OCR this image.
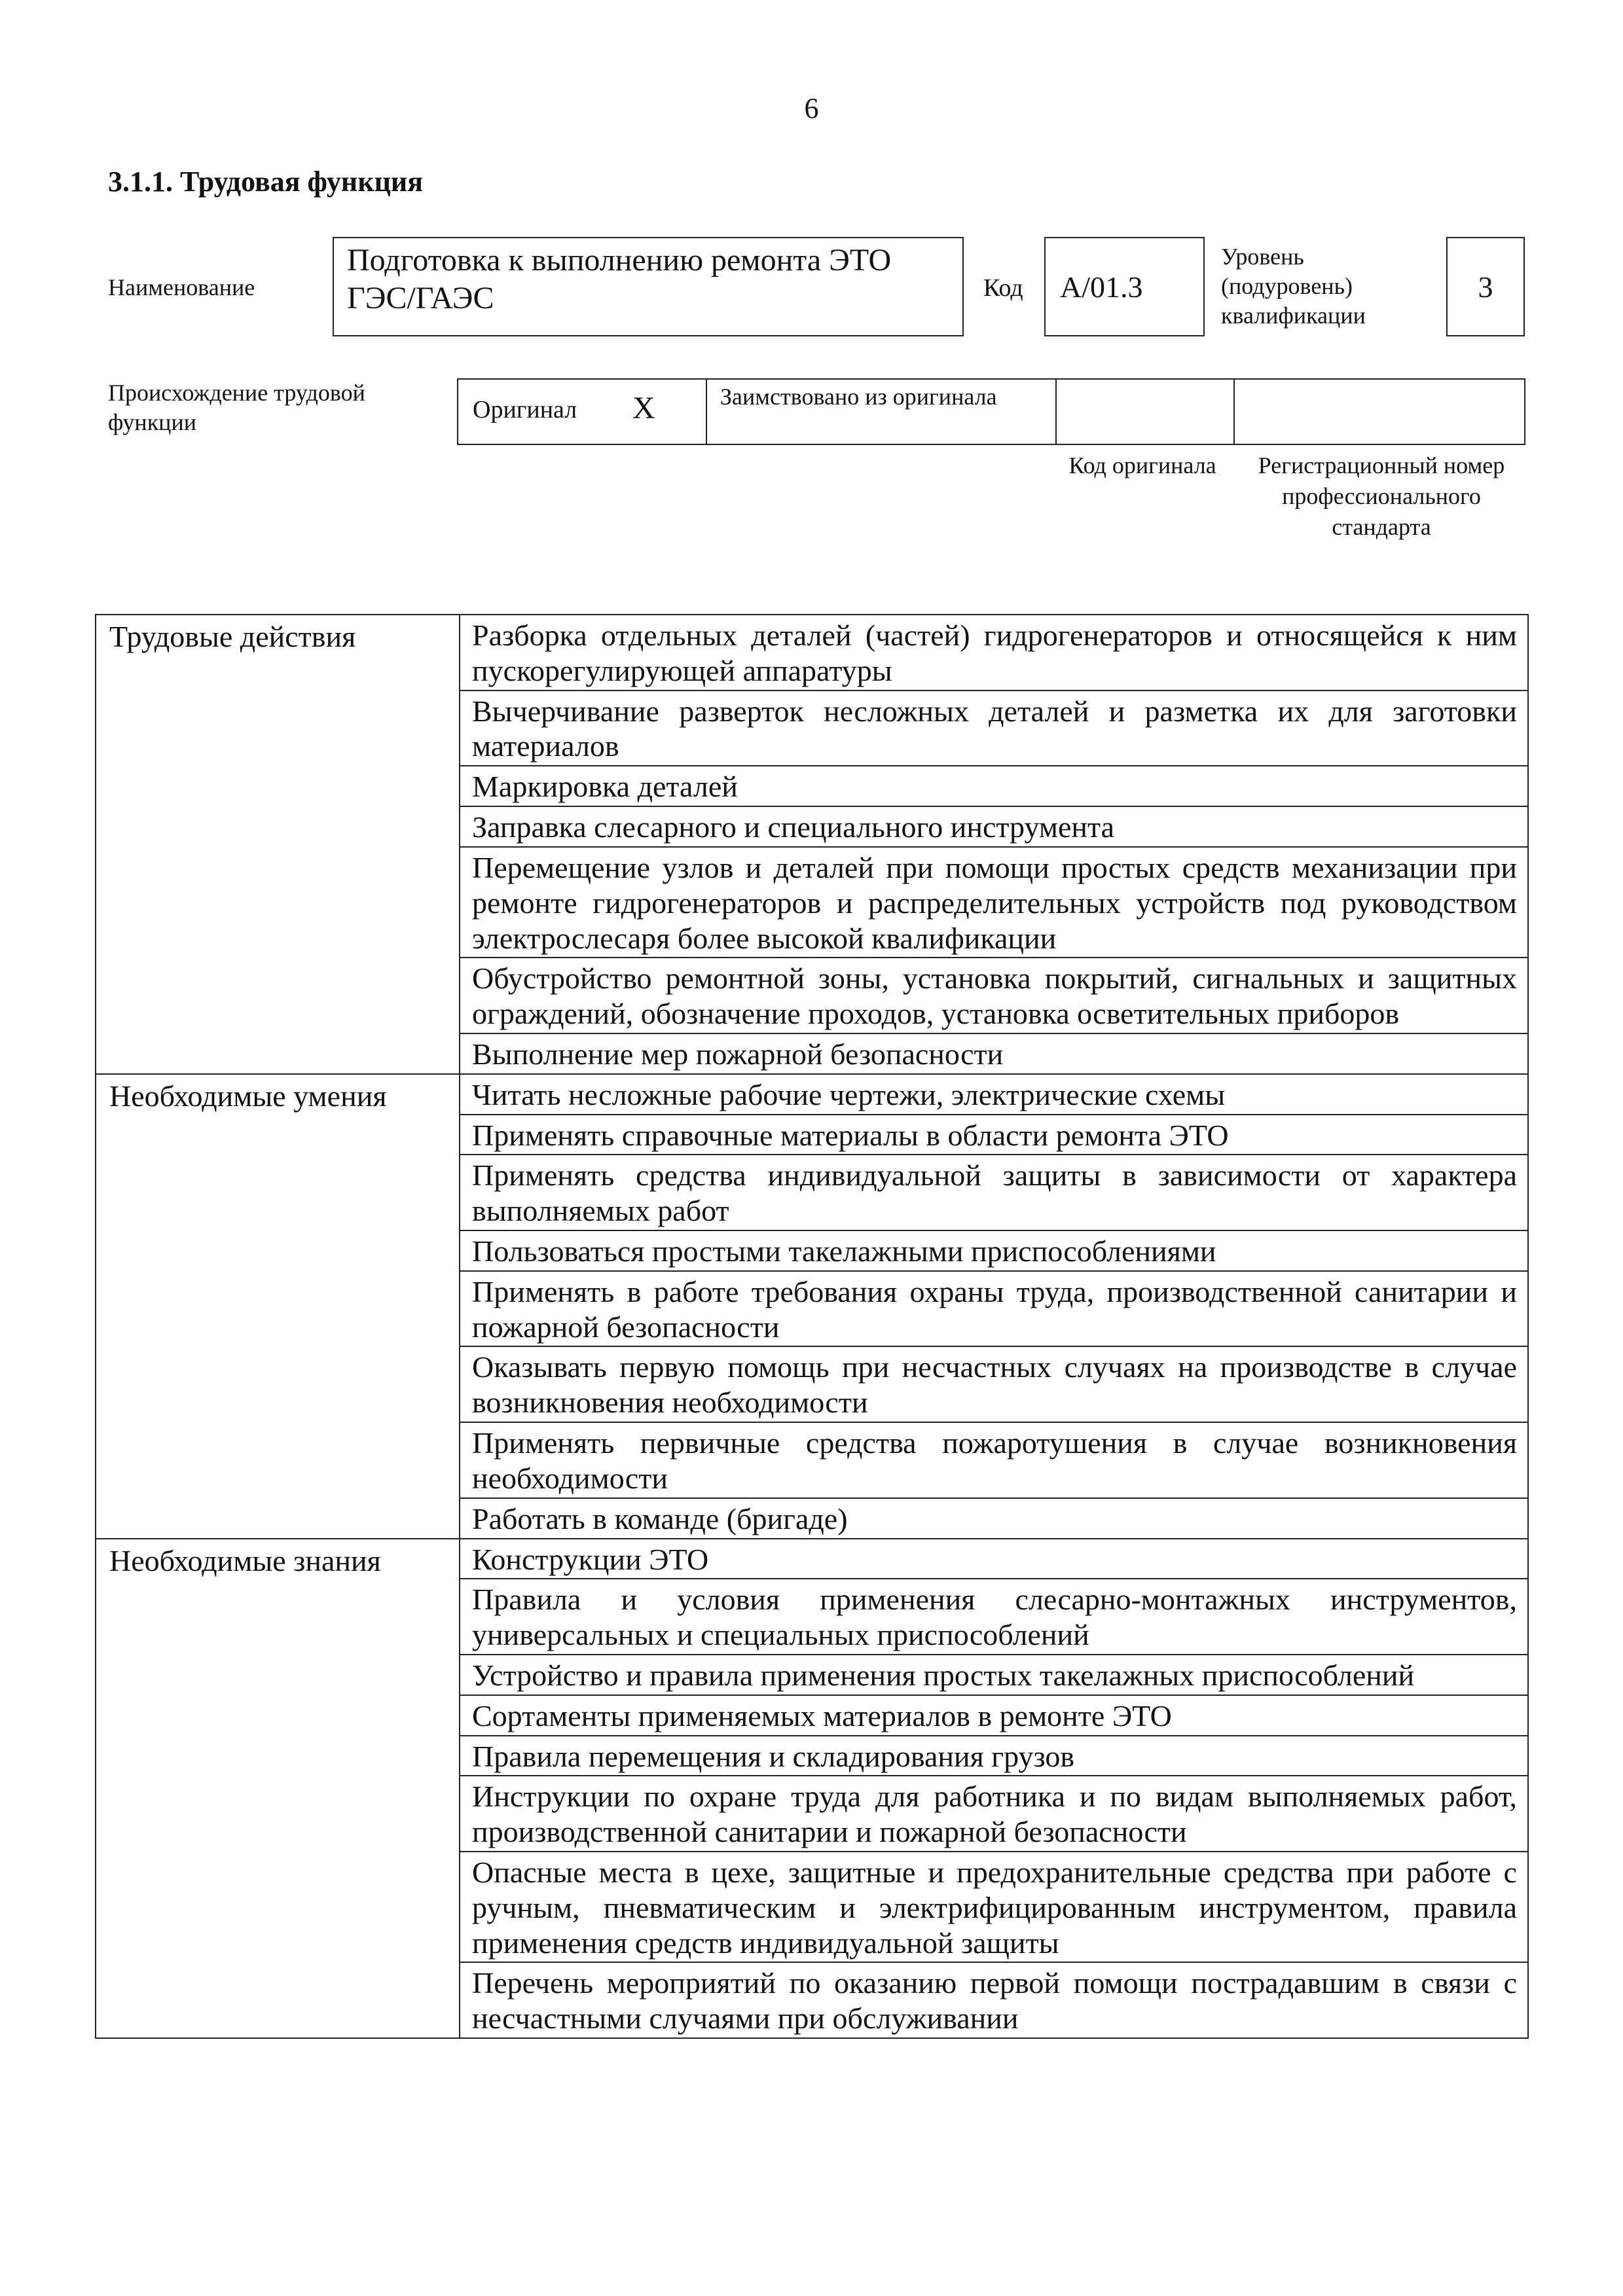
6
3.1.1. Трудовая функция
Наименование
Подготовка к выполнению ремонта ЭТО ГЭС/ГАЭС	Код	А/01.3
Уровень (подуровень) квалификации
3
Происхождение трудовой функции	Оригинал X	Заимствовано из оригинала
Код оригинала	Регистрационный номер профессионального стандарта
Трудовые действия	Разборка отдельных деталей (частей) гидрогенераторов и относящейся к ним пускорегулирующей аппаратуры
	Вычерчивание разверток несложных деталей и разметка их для заготовки материалов
	Маркировка деталей
	Заправка слесарного и специального инструмента
	Перемещение узлов и деталей при помощи простых средств механизации при ремонте гидрогенераторов и распределительных устройств под руководством электрослесаря более высокой квалификации
	Обустройство ремонтной зоны, установка покрытий, сигнальных и защитных ограждений, обозначение проходов, установка осветительных приборов
	Выполнение мер пожарной безопасности
Необходимые умения	Читать несложные рабочие чертежи, электрические схемы
	Применять справочные материалы в области ремонта ЭТО
	Применять средства индивидуальной защиты в зависимости от характера выполняемых работ
	Пользоваться простыми такелажными приспособлениями
	Применять в работе требования охраны труда, производственной санитарии и пожарной безопасности
	Оказывать первую помощь при несчастных случаях на производстве в случае возникновения необходимости
	Применять первичные средства пожаротушения в случае возникновения необходимости
	Работать в команде (бригаде)
Необходимые знания	Конструкции ЭТО
	Правила и условия применения слесарно-монтажных инструментов, универсальных и специальных приспособлений
	Устройство и правила применения простых такелажных приспособлений
	Сортаменты применяемых материалов в ремонте ЭТО
	Правила перемещения и складирования грузов
	Инструкции по охране труда для работника и по видам выполняемых работ, производственной санитарии и пожарной безопасности
	Опасные места в цехе, защитные и предохранительные средства при работе с ручным, пневматическим и электрифицированным инструментом, правила применения средств индивидуальной защиты
	Перечень мероприятий по оказанию первой помощи пострадавшим в связи с несчастными случаями при обслуживании
